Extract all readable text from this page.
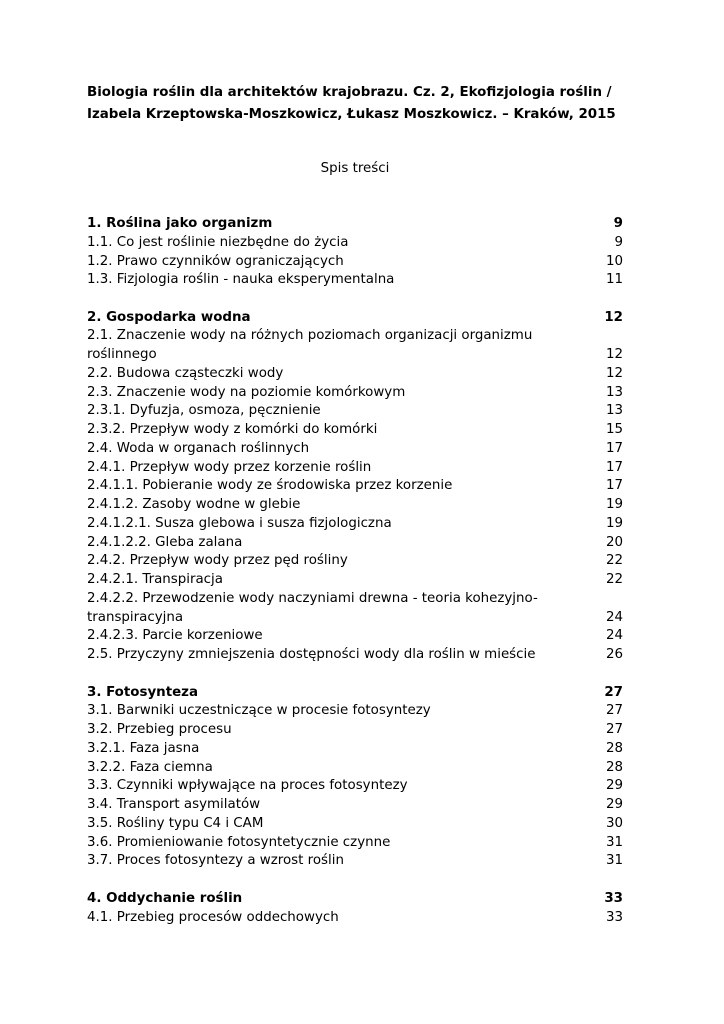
Biologia roślin dla architektów krajobrazu. Cz. 2, Ekofizjologia roślin /
Izabela Krzeptowska-Moszkowicz, Łukasz Moszkowicz. – Kraków, 2015
Spis treści
1. Roślina jako organizm	9
1.1. Co jest roślinie niezbędne do życia	9
1.2. Prawo czynników ograniczających	10
1.3. Fizjologia roślin - nauka eksperymentalna	11
2. Gospodarka wodna	12
2.1. Znaczenie wody na różnych poziomach organizacji organizmu
roślinnego	12
2.2. Budowa cząsteczki wody	12
2.3. Znaczenie wody na poziomie komórkowym	13
2.3.1. Dyfuzja, osmoza, pęcznienie	13
2.3.2. Przepływ wody z komórki do komórki	15
2.4. Woda w organach roślinnych	17
2.4.1. Przepływ wody przez korzenie roślin	17
2.4.1.1. Pobieranie wody ze środowiska przez korzenie	17
2.4.1.2. Zasoby wodne w glebie	19
2.4.1.2.1. Susza glebowa i susza fizjologiczna	19
2.4.1.2.2. Gleba zalana	20
2.4.2. Przepływ wody przez pęd rośliny	22
2.4.2.1. Transpiracja	22
2.4.2.2. Przewodzenie wody naczyniami drewna - teoria kohezyjno-
transpiracyjna	24
2.4.2.3. Parcie korzeniowe	24
2.5. Przyczyny zmniejszenia dostępności wody dla roślin w mieście	26
3. Fotosynteza	27
3.1. Barwniki uczestniczące w procesie fotosyntezy	27
3.2. Przebieg procesu	27
3.2.1. Faza jasna	28
3.2.2. Faza ciemna	28
3.3. Czynniki wpływające na proces fotosyntezy	29
3.4. Transport asymilatów	29
3.5. Rośliny typu C4 i CAM	30
3.6. Promieniowanie fotosyntetycznie czynne	31
3.7. Proces fotosyntezy a wzrost roślin	31
4. Oddychanie roślin	33
4.1. Przebieg procesów oddechowych	33
